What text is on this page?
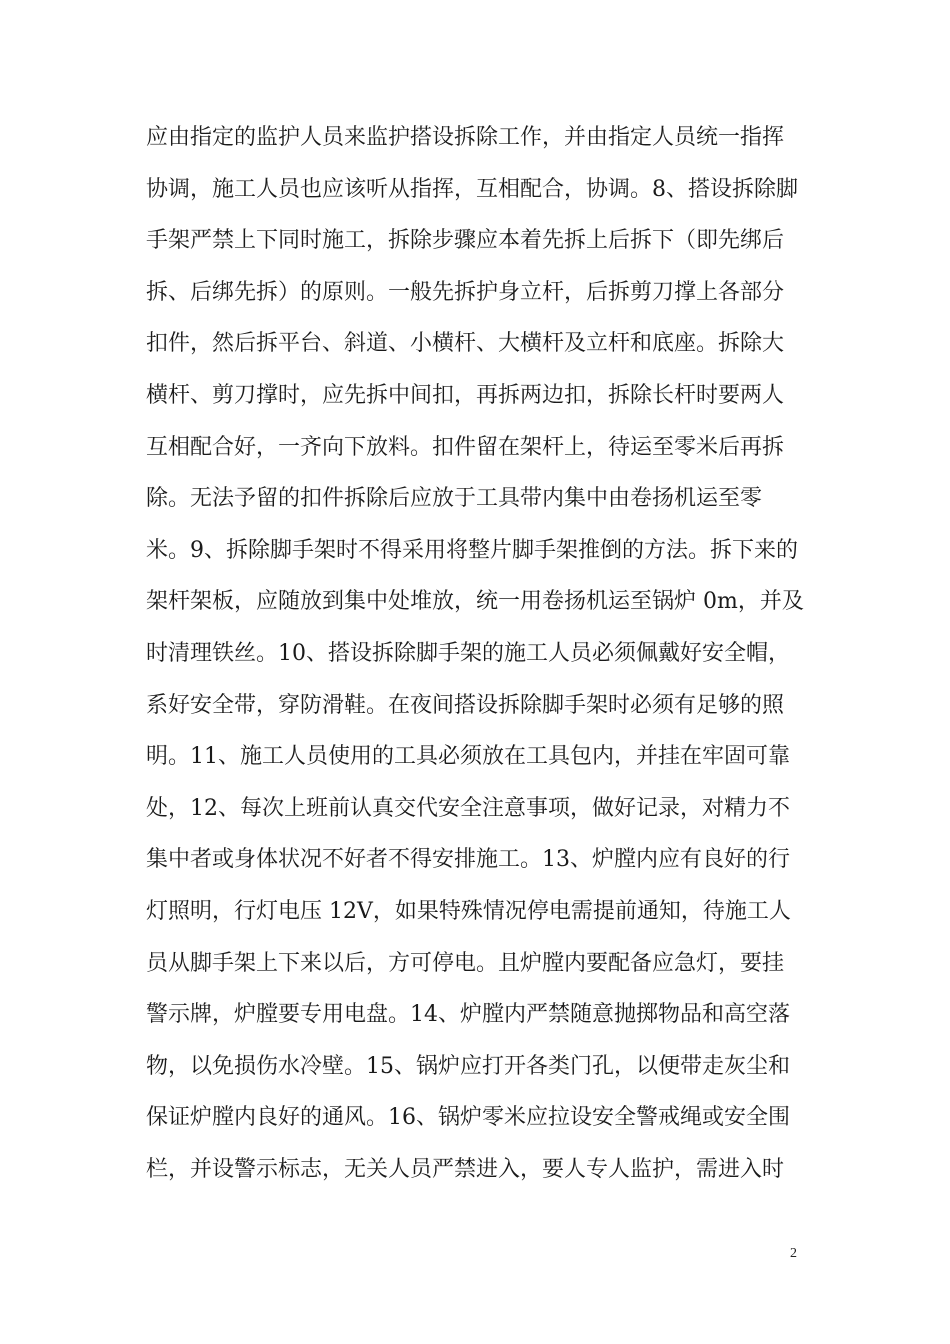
应由指定的监护人员来监护搭设拆除工作，并由指定人员统一指挥
协调，施工人员也应该听从指挥，互相配合，协调。8、搭设拆除脚
手架严禁上下同时施工，拆除步骤应本着先拆上后拆下（即先绑后
拆、后绑先拆）的原则。一般先拆护身立杆，后拆剪刀撑上各部分
扣件，然后拆平台、斜道、小横杆、大横杆及立杆和底座。拆除大
横杆、剪刀撑时，应先拆中间扣，再拆两边扣，拆除长杆时要两人
互相配合好，一齐向下放料。扣件留在架杆上，待运至零米后再拆
除。无法予留的扣件拆除后应放于工具带内集中由卷扬机运至零
米。9、拆除脚手架时不得采用将整片脚手架推倒的方法。拆下来的
架杆架板，应随放到集中处堆放，统一用卷扬机运至锅炉 0m，并及
时清理铁丝。10、搭设拆除脚手架的施工人员必须佩戴好安全帽，
系好安全带，穿防滑鞋。在夜间搭设拆除脚手架时必须有足够的照
明。11、施工人员使用的工具必须放在工具包内，并挂在牢固可靠
处，12、每次上班前认真交代安全注意事项，做好记录，对精力不
集中者或身体状况不好者不得安排施工。13、炉膛内应有良好的行
灯照明，行灯电压 12V，如果特殊情况停电需提前通知，待施工人
员从脚手架上下来以后，方可停电。且炉膛内要配备应急灯，要挂
警示牌，炉膛要专用电盘。14、炉膛内严禁随意抛掷物品和高空落
物，以免损伤水冷壁。15、锅炉应打开各类门孔，以便带走灰尘和
保证炉膛内良好的通风。16、锅炉零米应拉设安全警戒绳或安全围
栏，并设警示标志，无关人员严禁进入，要人专人监护，需进入时
2
